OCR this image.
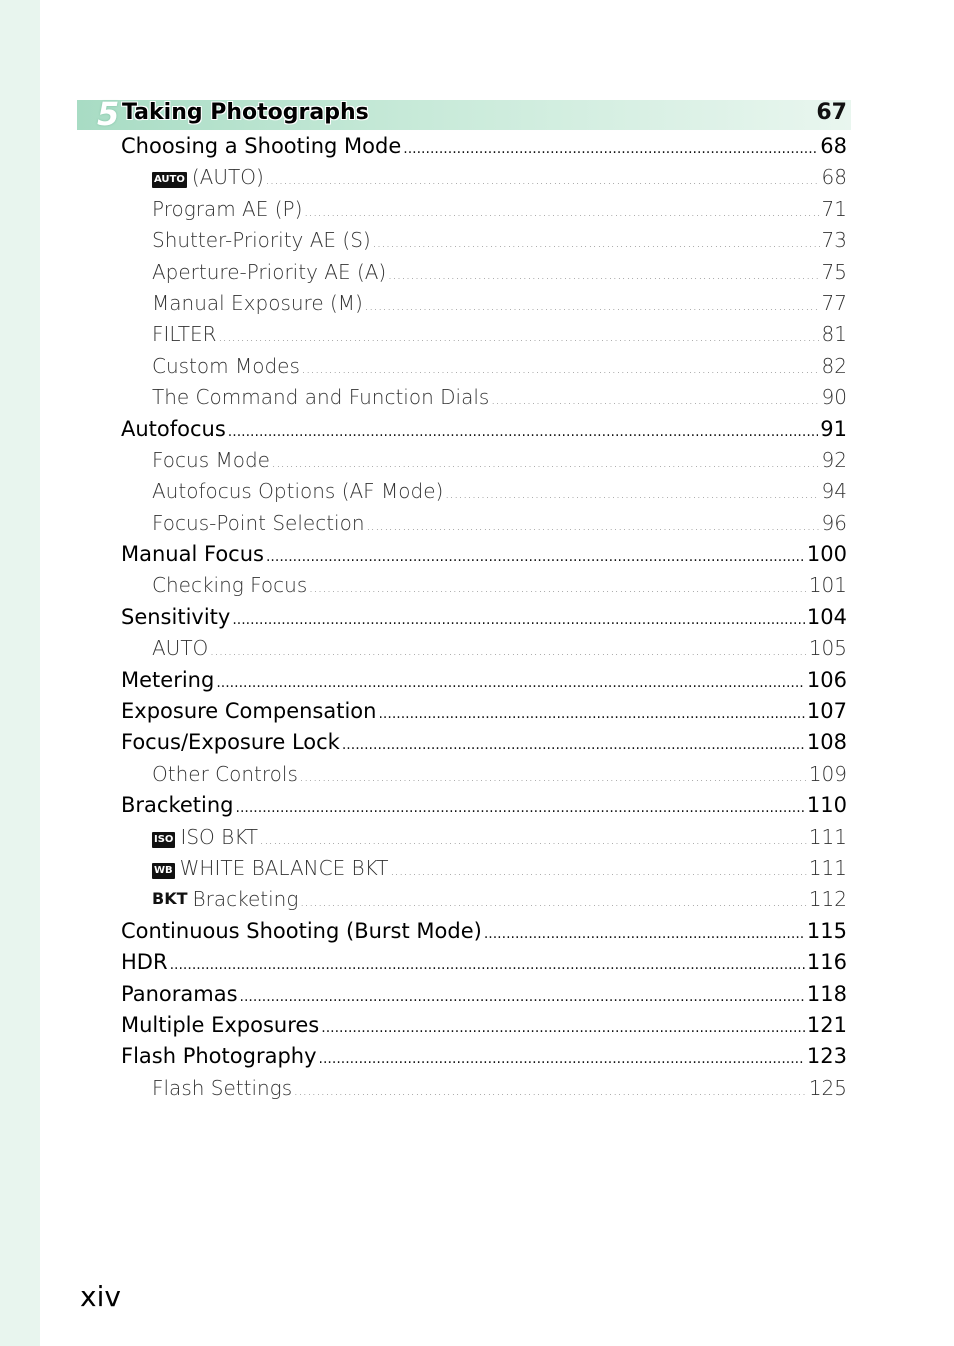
5 Taking Photographs	67
Choosing a Shooting Mode .....	68
AUTO (AUTO) .....	68
Program AE (P) .....	71
Shutter-Priority AE (S) .....	73
Aperture-Priority AE (A) .....	75
Manual Exposure (M) .....	77
FILTER .....	81
Custom Modes .....	82
The Command and Function Dials .....	90
Autofocus .....	91
Focus Mode .....	92
Autofocus Options (AF Mode) .....	94
Focus-Point Selection .....	96
Manual Focus .....	100
Checking Focus .....	101
Sensitivity .....	104
AUTO .....	105
Metering .....	106
Exposure Compensation .....	107
Focus/Exposure Lock .....	108
Other Controls .....	109
Bracketing .....	110
ISO ISO BKT .....	111
WB WHITE BALANCE BKT .....	111
BKT Bracketing .....	112
Continuous Shooting (Burst Mode) .....	115
HDR .....	116
Panoramas .....	118
Multiple Exposures .....	121
Flash Photography .....	123
Flash Settings .....	125
xiv
